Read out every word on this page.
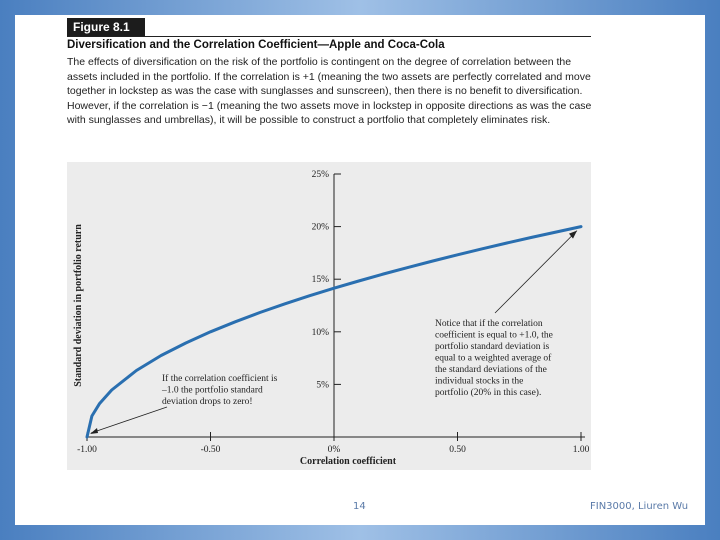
Figure 8.1
Diversification and the Correlation Coefficient—Apple and Coca-Cola
The effects of diversification on the risk of the portfolio is contingent on the degree of correlation between the assets included in the portfolio. If the correlation is +1 (meaning the two assets are perfectly correlated and move together in lockstep as was the case with sunglasses and sunscreen), then there is no benefit to diversification. However, if the correlation is −1 (meaning the two assets move in lockstep in opposite directions as was the case with sunglasses and umbrellas), it will be possible to construct a portfolio that completely eliminates risk.
-1.00	-0.50	0%	0.50	1.00
5%
10%
15%
20%
25%
Correlation coefficient
Standard deviation in portfolio return	If the correlation coefficient is
–1.0 the portfolio standard
deviation drops to zero!
Notice that if the correlation
coefficient is equal to +1.0, the
portfolio standard deviation is
equal to a weighted average of
the standard deviations of the
individual stocks in the
portfolio (20% in this case).
14	FIN3000, Liuren Wu
